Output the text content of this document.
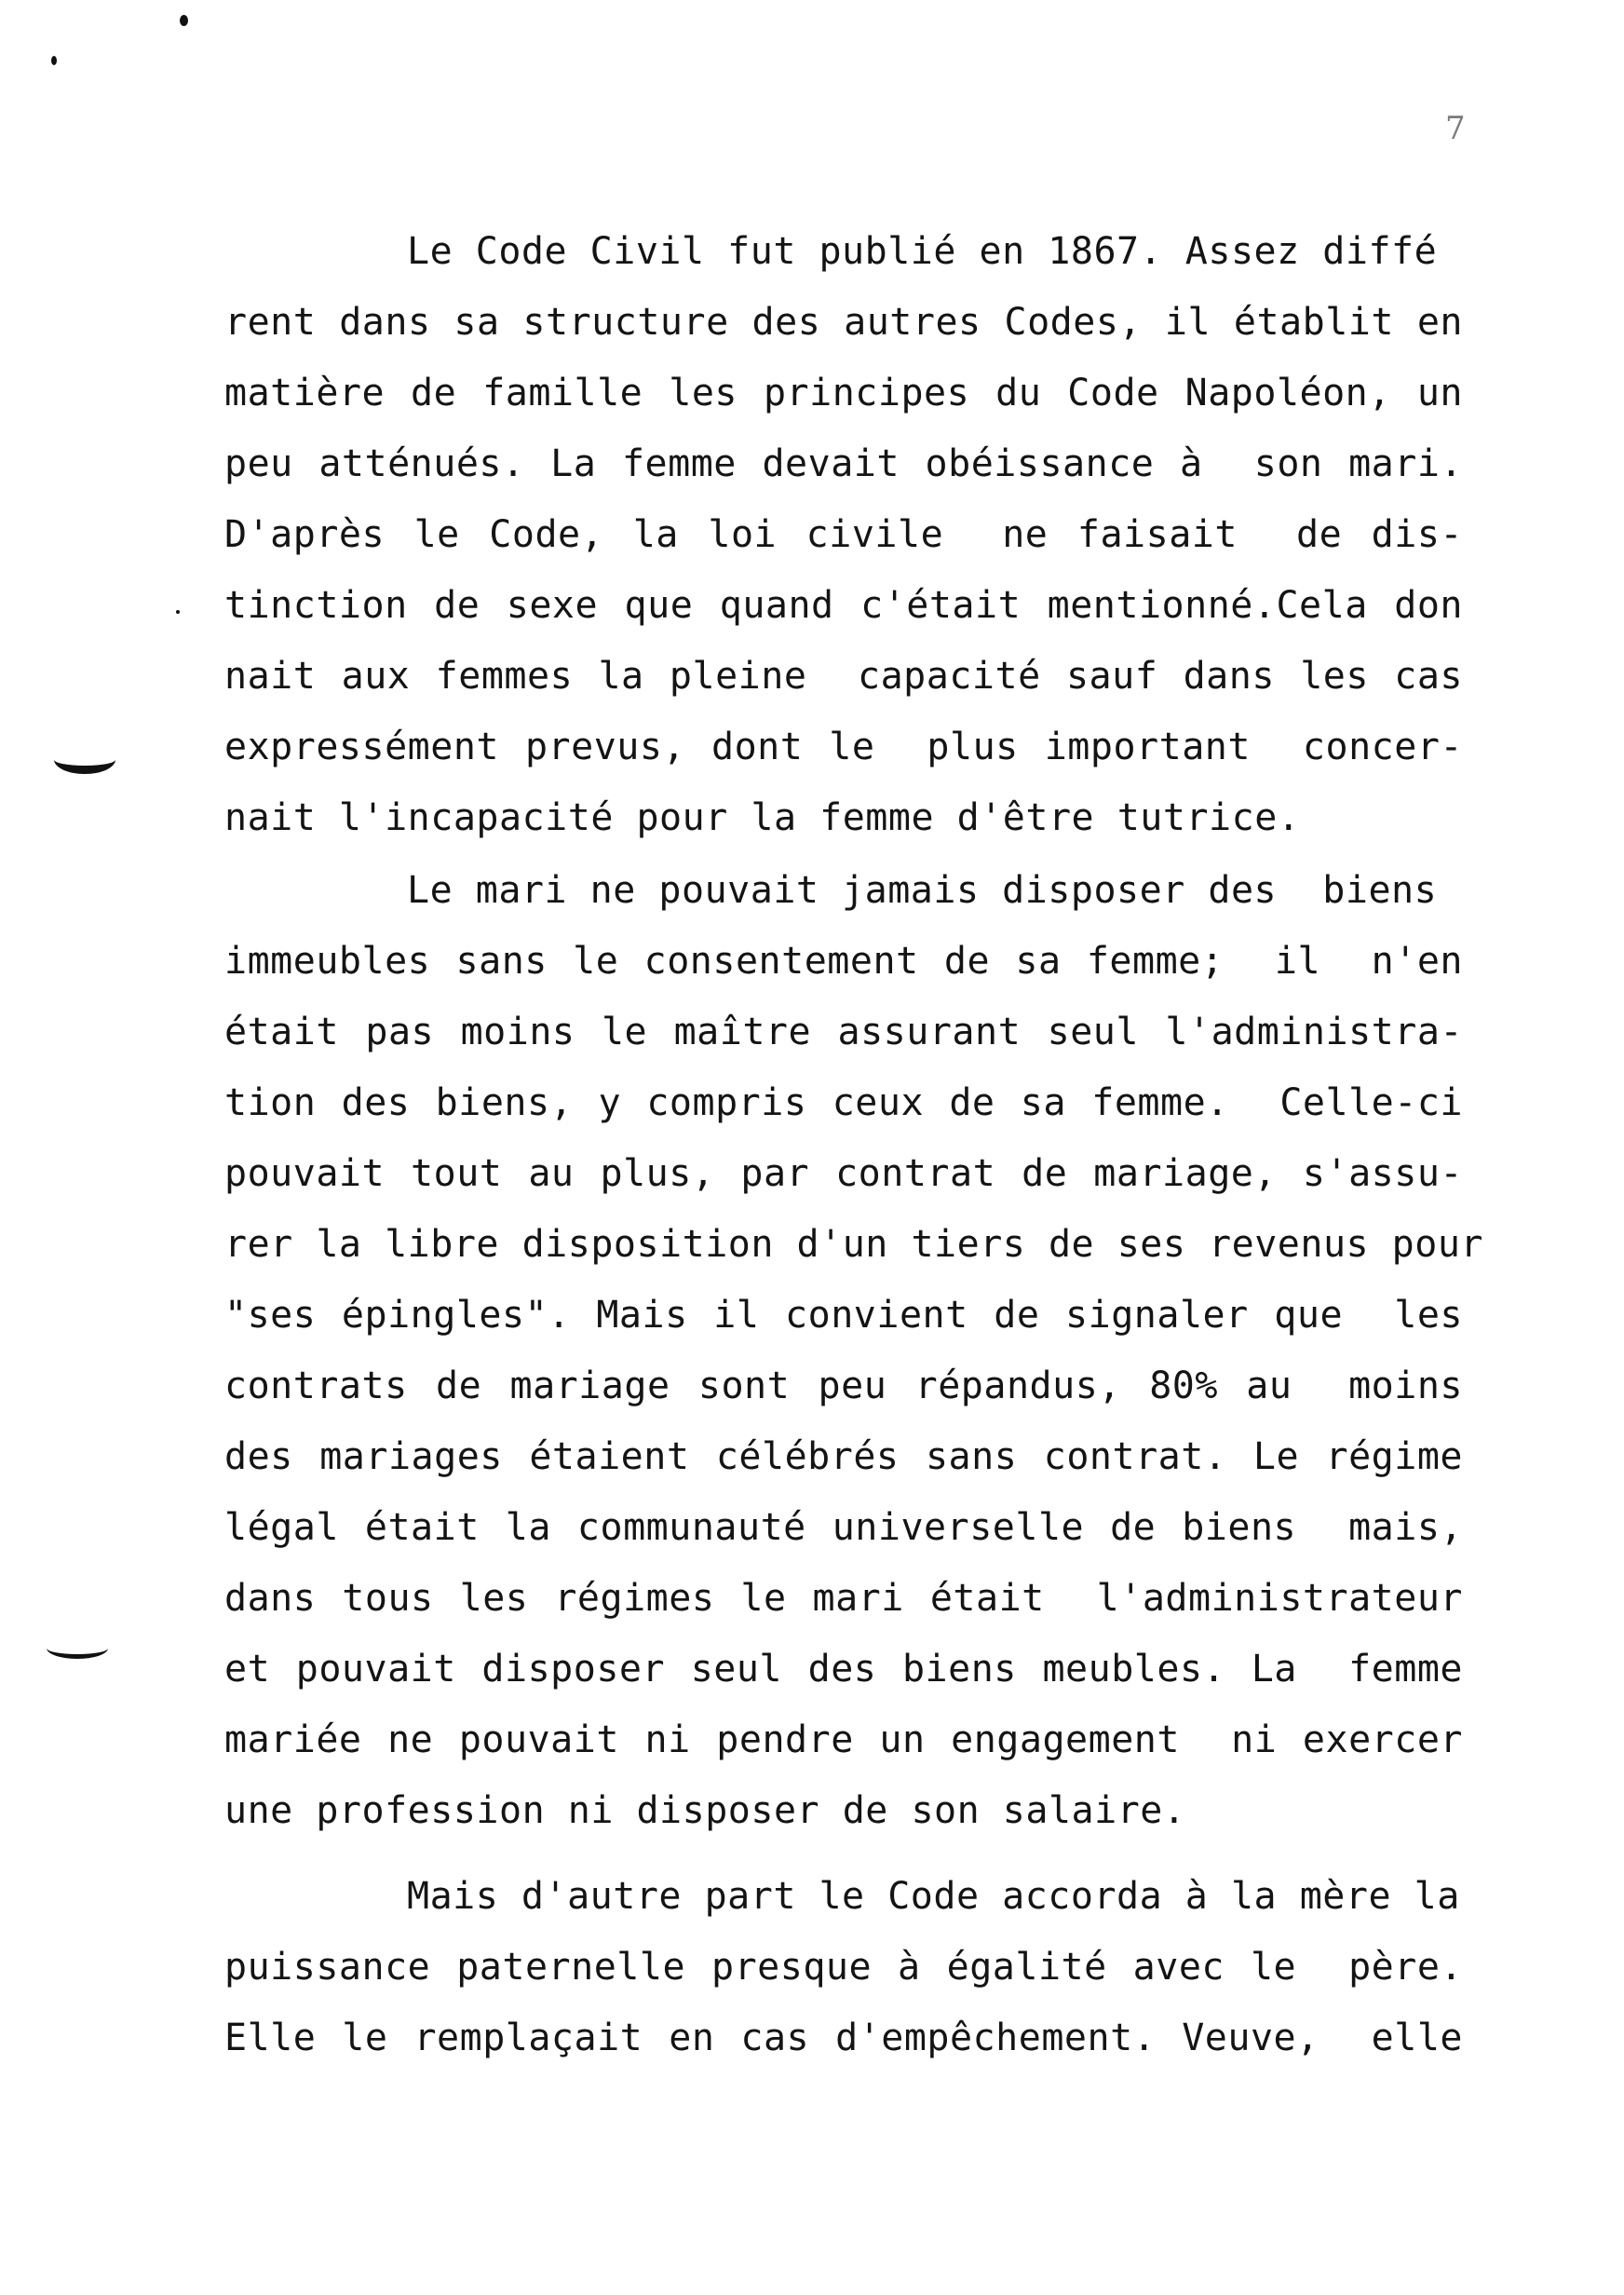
7
Le Code Civil fut publié en 1867. Assez diffé
rent dans sa structure des autres Codes, il établit en
matière de famille les principes du Code Napoléon, un
peu atténués. La femme devait obéissance à  son mari.
D'après le Code, la loi civile  ne faisait  de dis-
tinction de sexe que quand c'était mentionné.Cela don
nait aux femmes la pleine  capacité sauf dans les cas
expressément prevus, dont le  plus important  concer-
nait l'incapacité pour la femme d'être tutrice.
Le mari ne pouvait jamais disposer des  biens
immeubles sans le consentement de sa femme;  il  n'en
était pas moins le maître assurant seul l'administra-
tion des biens, y compris ceux de sa femme.  Celle-ci
pouvait tout au plus, par contrat de mariage, s'assu-
rer la libre disposition d'un tiers de ses revenus pour
"ses épingles". Mais il convient de signaler que  les
contrats de mariage sont peu répandus, 80% au  moins
des mariages étaient célébrés sans contrat. Le régime
légal était la communauté universelle de biens  mais,
dans tous les régimes le mari était  l'administrateur
et pouvait disposer seul des biens meubles. La  femme
mariée ne pouvait ni pendre un engagement  ni exercer
une profession ni disposer de son salaire.
Mais d'autre part le Code accorda à la mère la
puissance paternelle presque à égalité avec le  père.
Elle le remplaçait en cas d'empêchement. Veuve,  elle
